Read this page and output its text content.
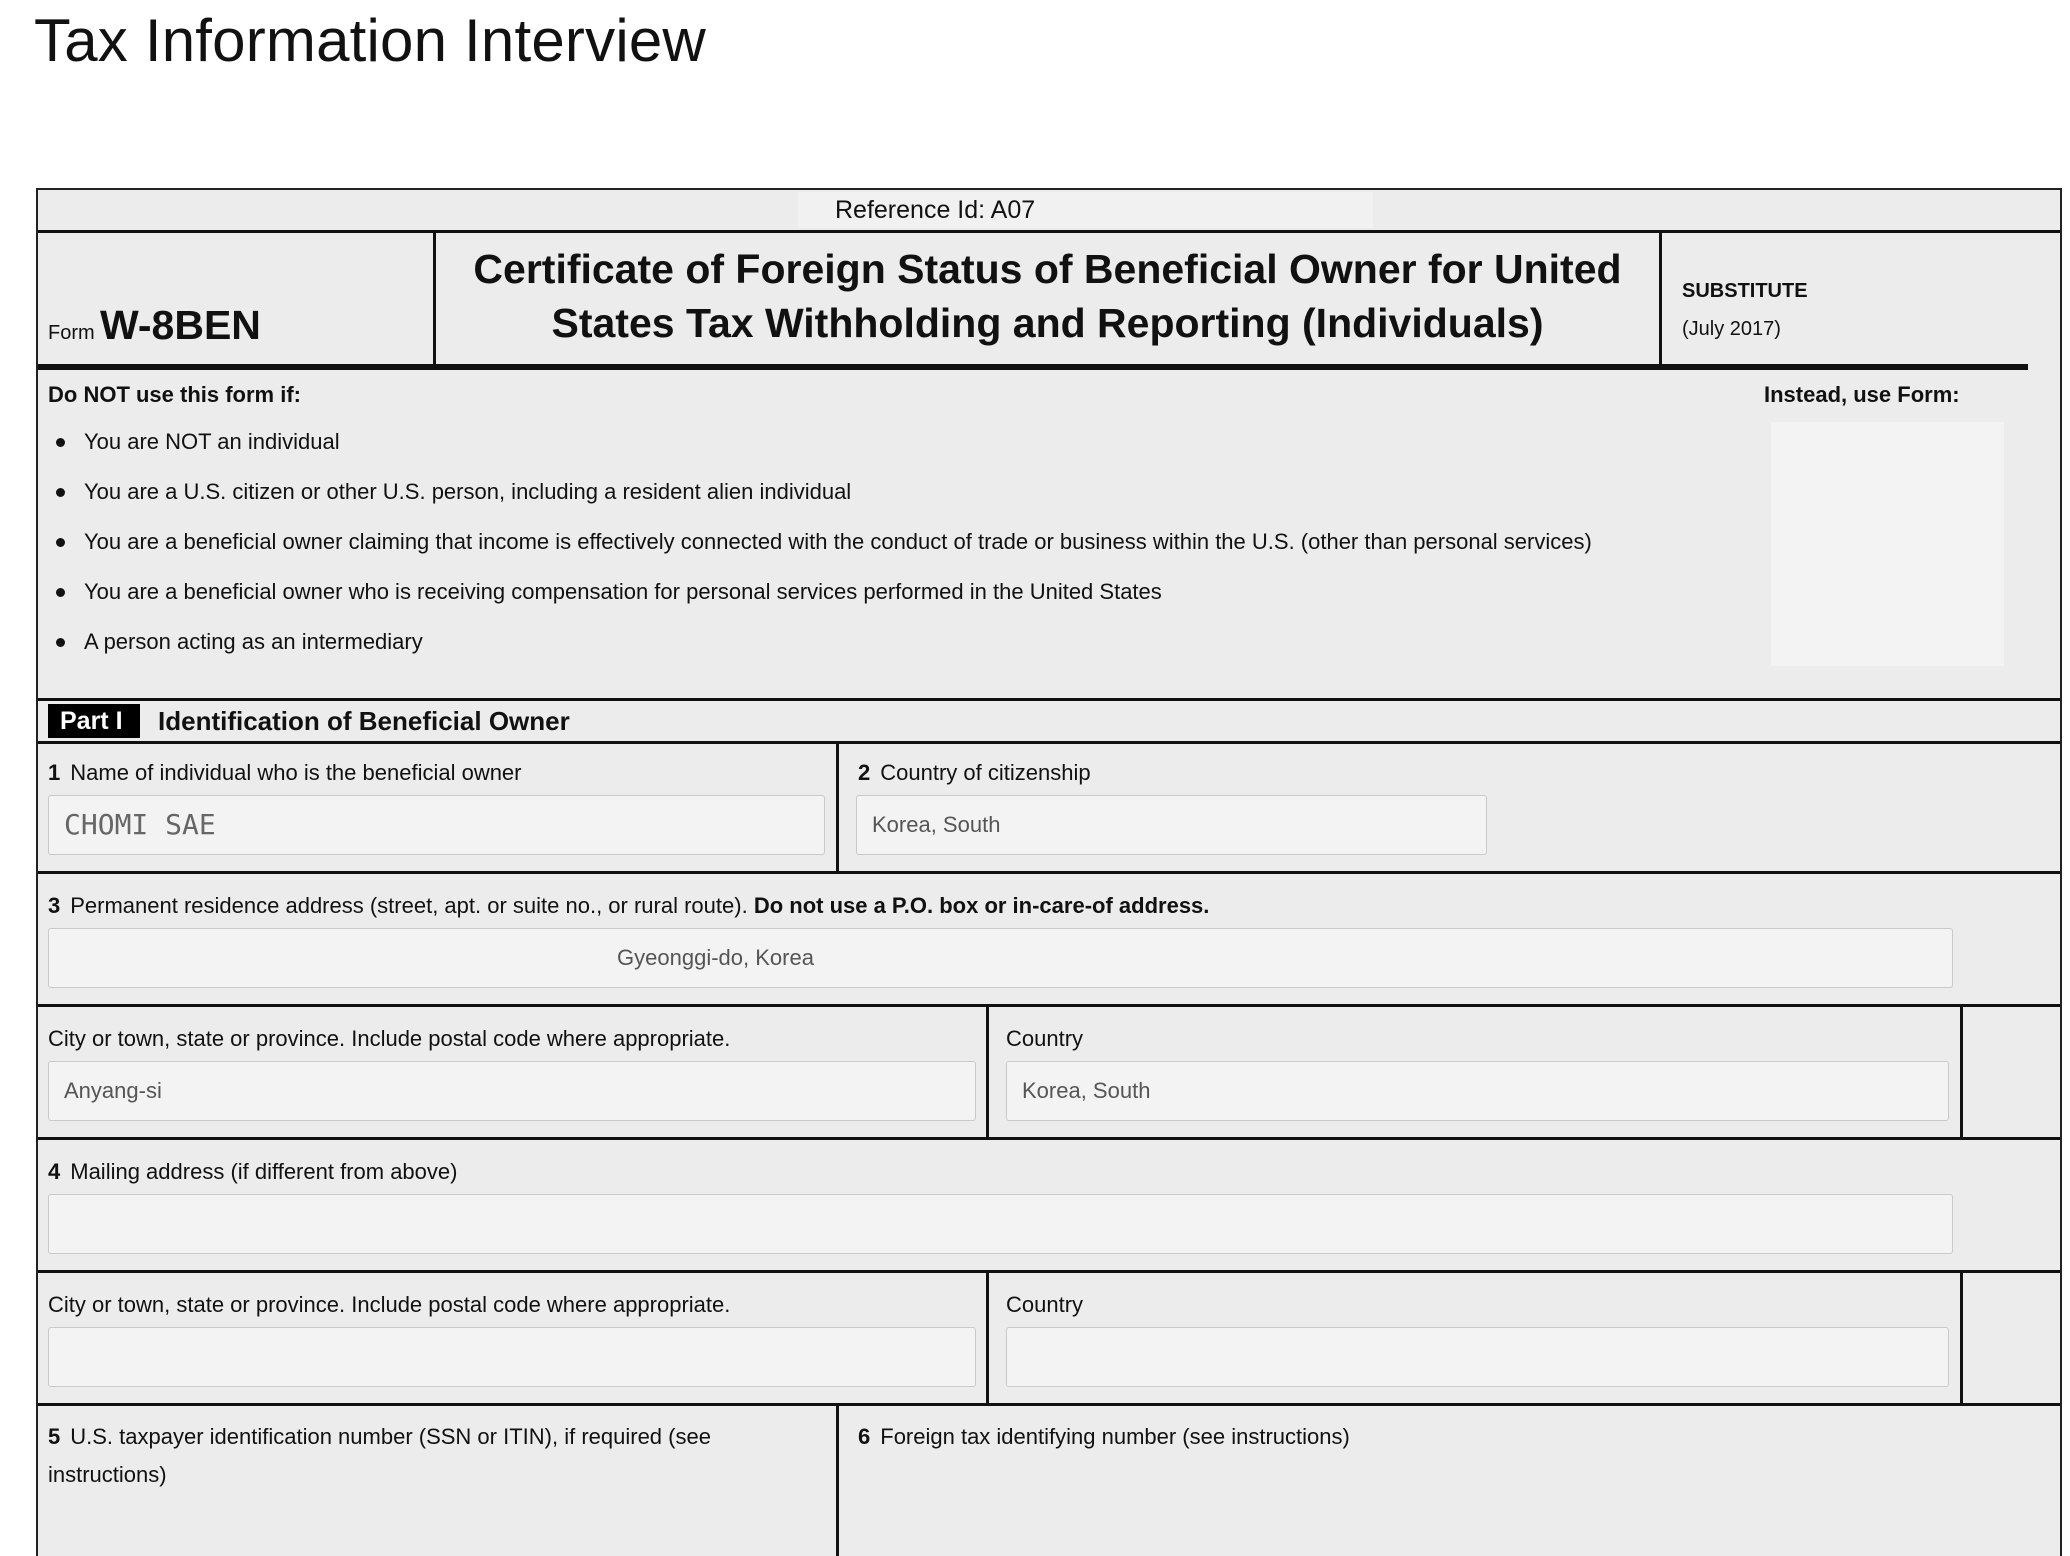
Tax Information Interview
Reference Id: A07
Form W-8BEN
Certificate of Foreign Status of Beneficial Owner for United States Tax Withholding and Reporting (Individuals)
SUBSTITUTE
(July 2017)
Do NOT use this form if:
You are NOT an individual
You are a U.S. citizen or other U.S. person, including a resident alien individual
You are a beneficial owner claiming that income is effectively connected with the conduct of trade or business within the U.S. (other than personal services)
You are a beneficial owner who is receiving compensation for personal services performed in the United States
A person acting as an intermediary
Instead, use Form:
Part I	Identification of Beneficial Owner
1 Name of individual who is the beneficial owner
CHOMI SAE
2 Country of citizenship
Korea, South
3 Permanent residence address (street, apt. or suite no., or rural route). Do not use a P.O. box or in-care-of address.
Gyeonggi-do, Korea
City or town, state or province. Include postal code where appropriate.
Anyang-si
Country
Korea, South
4 Mailing address (if different from above)
City or town, state or province. Include postal code where appropriate.	Country
5 U.S. taxpayer identification number (SSN or ITIN), if required (see instructions)
6 Foreign tax identifying number (see instructions)
